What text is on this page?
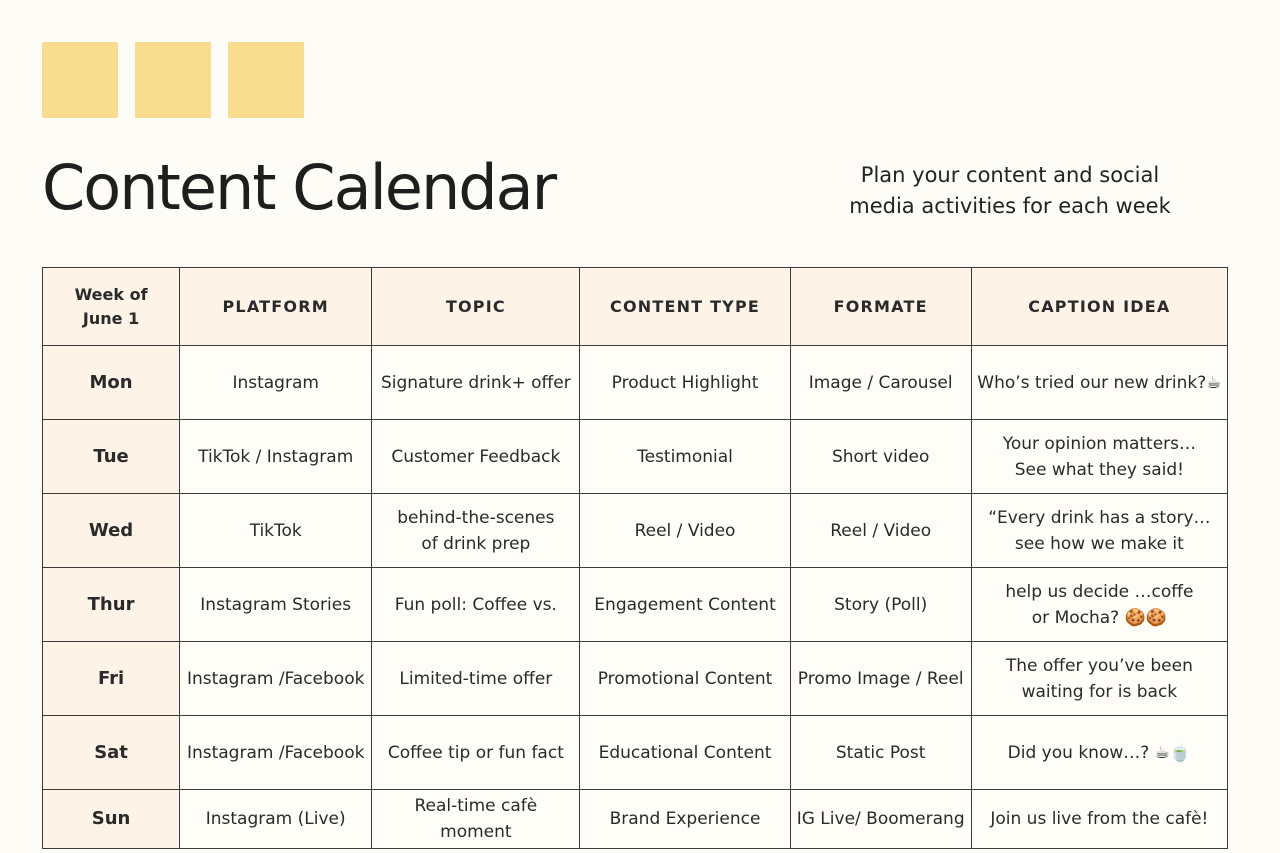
Content Calendar	Plan your content and social media activities for each week
Week of
June 1	PLATFORM	TOPIC	CONTENT TYPE	FORMATE	CAPTION IDEA
Mon	Instagram	Signature drink+ offer	Product Highlight	Image / Carousel	Who’s tried our new drink?☕
Tue	TikTok / Instagram	Customer Feedback	Testimonial	Short video	Your opinion matters…
See what they said!
Wed	TikTok	behind-the-scenes
of drink prep	Reel / Video	Reel / Video	“Every drink has a story…
see how we make it
Thur	Instagram Stories	Fun poll: Coffee vs.	Engagement Content	Story (Poll)	help us decide …coffe
or Mocha? 🍪🍪
Fri	Instagram /Facebook	Limited-time offer	Promotional Content	Promo Image / Reel	The offer you’ve been
waiting for is back
Sat	Instagram /Facebook	Coffee tip or fun fact	Educational Content	Static Post	Did you know…? ☕🍵
Sun	Instagram (Live)	Real-time cafè moment	Brand Experience	IG Live/ Boomerang	Join us live from the cafè!
